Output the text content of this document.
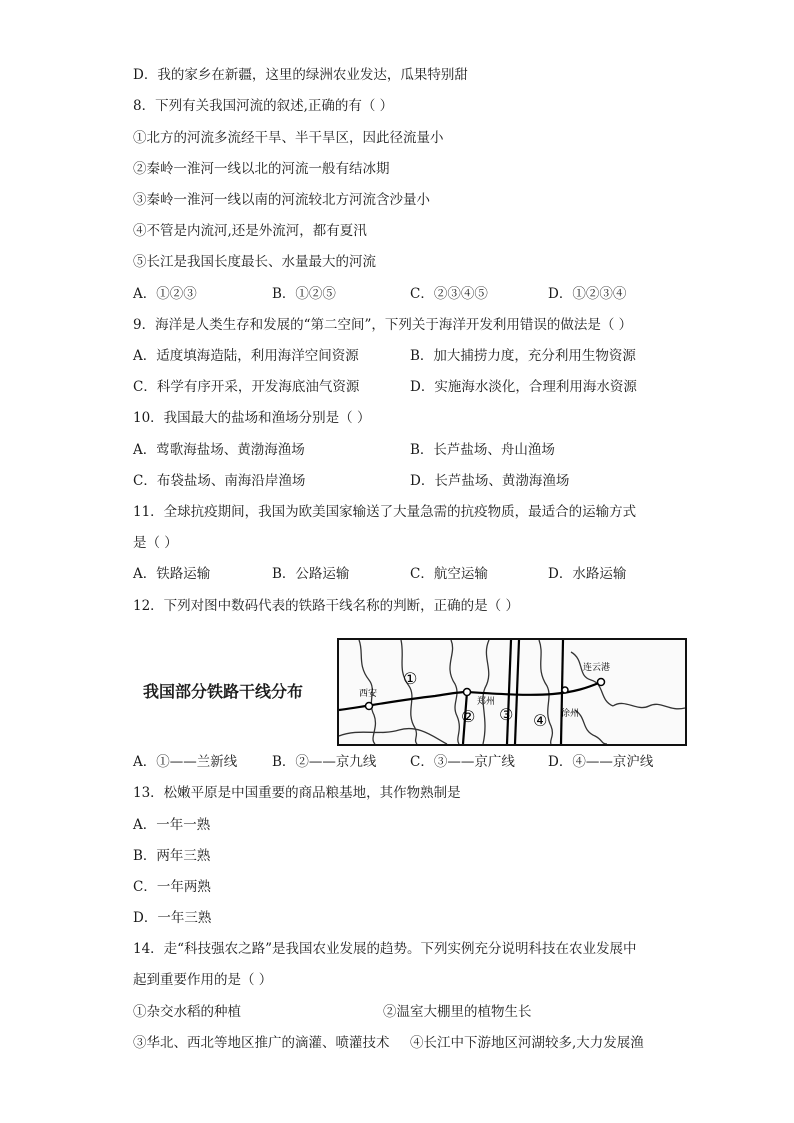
D．我的家乡在新疆，这里的绿洲农业发达，瓜果特别甜
8．下列有关我国河流的叙述,正确的有（ ）
①北方的河流多流经干旱、半干旱区，因此径流量小
②秦岭一淮河一线以北的河流一般有结冰期
③秦岭一淮河一线以南的河流较北方河流含沙量小
④不管是内流河,还是外流河，都有夏汛
⑤长江是我国长度最长、水量最大的河流
A．①②③	B．①②⑤	C．②③④⑤	D．①②③④
9．海洋是人类生存和发展的“第二空间”，下列关于海洋开发利用错误的做法是（ ）
A．适度填海造陆，利用海洋空间资源	B．加大捕捞力度，充分利用生物资源
C．科学有序开采，开发海底油气资源	D．实施海水淡化，合理利用海水资源
10．我国最大的盐场和渔场分别是（ ）
A．莺歌海盐场、黄渤海渔场	B．长芦盐场、舟山渔场
C．布袋盐场、南海沿岸渔场	D．长芦盐场、黄渤海渔场
11．全球抗疫期间，我国为欧美国家输送了大量急需的抗疫物质，最适合的运输方式
是（ ）
A．铁路运输	B．公路运输	C．航空运输	D．水路运输
12．下列对图中数码代表的铁路干线名称的判断，正确的是（ ）
我国部分铁路干线分布	西安
郑州
连云港
徐州
①
② ③ ④
A．①——兰新线	B．②——京九线 C．③——京广线 D．④——京沪线
13．松嫩平原是中国重要的商品粮基地，其作物熟制是
A．一年一熟
B．两年三熟
C．一年两熟
D．一年三熟
14．走“科技强农之路”是我国农业发展的趋势。下列实例充分说明科技在农业发展中
起到重要作用的是（ ）
①杂交水稻的种植	②温室大棚里的植物生长
③华北、西北等地区推广的滴灌、喷灌技术 ④长江中下游地区河湖较多,大力发展渔
